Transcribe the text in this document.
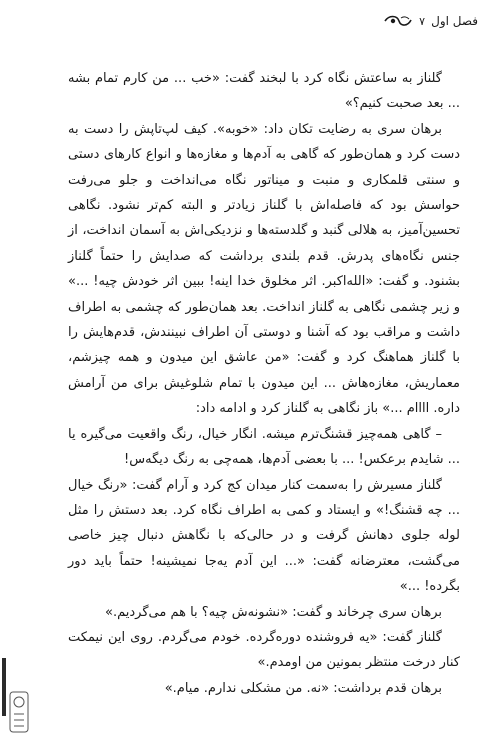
فصل اول
۷

گلناز به ساعتش نگاه کرد با لبخند گفت: «خب ... من کارم تمام بشه ... بعد صحبت کنیم؟»

برهان سری به رضایت تکان داد: «خوبه». کیف لپ‌تاپش را دست به دست کرد و همان‌طور که گاهی به آدم‌ها و مغازه‌ها و انواع کارهای دستی و سنتی قلمکاری و منبت و میناتور نگاه می‌انداخت و جلو می‌رفت حواسش بود که فاصله‌اش با گلناز زیادتر و البته کم‌تر نشود. نگاهی تحسین‌آمیز، به هلالی گنبد و گلدسته‌ها و نزدیکی‌اش به آسمان انداخت، از جنس نگاه‌های پدرش. قدم بلندی برداشت که صدایش را حتماً گلناز بشنود. و گفت: «الله‌اکبر. اثر مخلوق خدا اینه! ببین اثر خودش چیه! ...» و زیر چشمی نگاهی به گلناز انداخت. بعد همان‌طور که چشمی به اطراف داشت و مراقب بود که آشنا و دوستی آن اطراف نبینندش، قدم‌هایش را با گلناز هماهنگ کرد و گفت: «من عاشق این میدون و همه چیزشم، معماریش، مغازه‌هاش ... این میدون با تمام شلوغیش برای من آرامش داره. اااام ...» باز نگاهی به گلناز کرد و ادامه داد:

– گاهی همه‌چیز قشنگ‌ترم میشه. انگار خیال، رنگ واقعیت می‌گیره یا ... شایدم برعکس! ... با بعضی آدم‌ها، همه‌چی به رنگ دیگه‌س!

گلناز مسیرش را به‌سمت کنار میدان کج کرد و آرام گفت: «رنگ خیال ... چه قشنگ!» و ایستاد و کمی به اطراف نگاه کرد. بعد دستش را مثل لوله جلوی دهانش گرفت و در حالی‌که با نگاهش دنبال چیز خاصی می‌گشت، معترضانه گفت: «... این آدم یه‌جا نمیشینه! حتماً باید دور بگرده! ...»

برهان سری چرخاند و گفت: «نشونه‌ش چیه؟ با هم می‌گردیم.»

گلناز گفت: «یه فروشنده دوره‌گرده. خودم می‌گردم. روی این نیمکت کنار درخت منتظر بمونین من اومدم.»

برهان قدم برداشت: «نه. من مشکلی ندارم. میام.»
